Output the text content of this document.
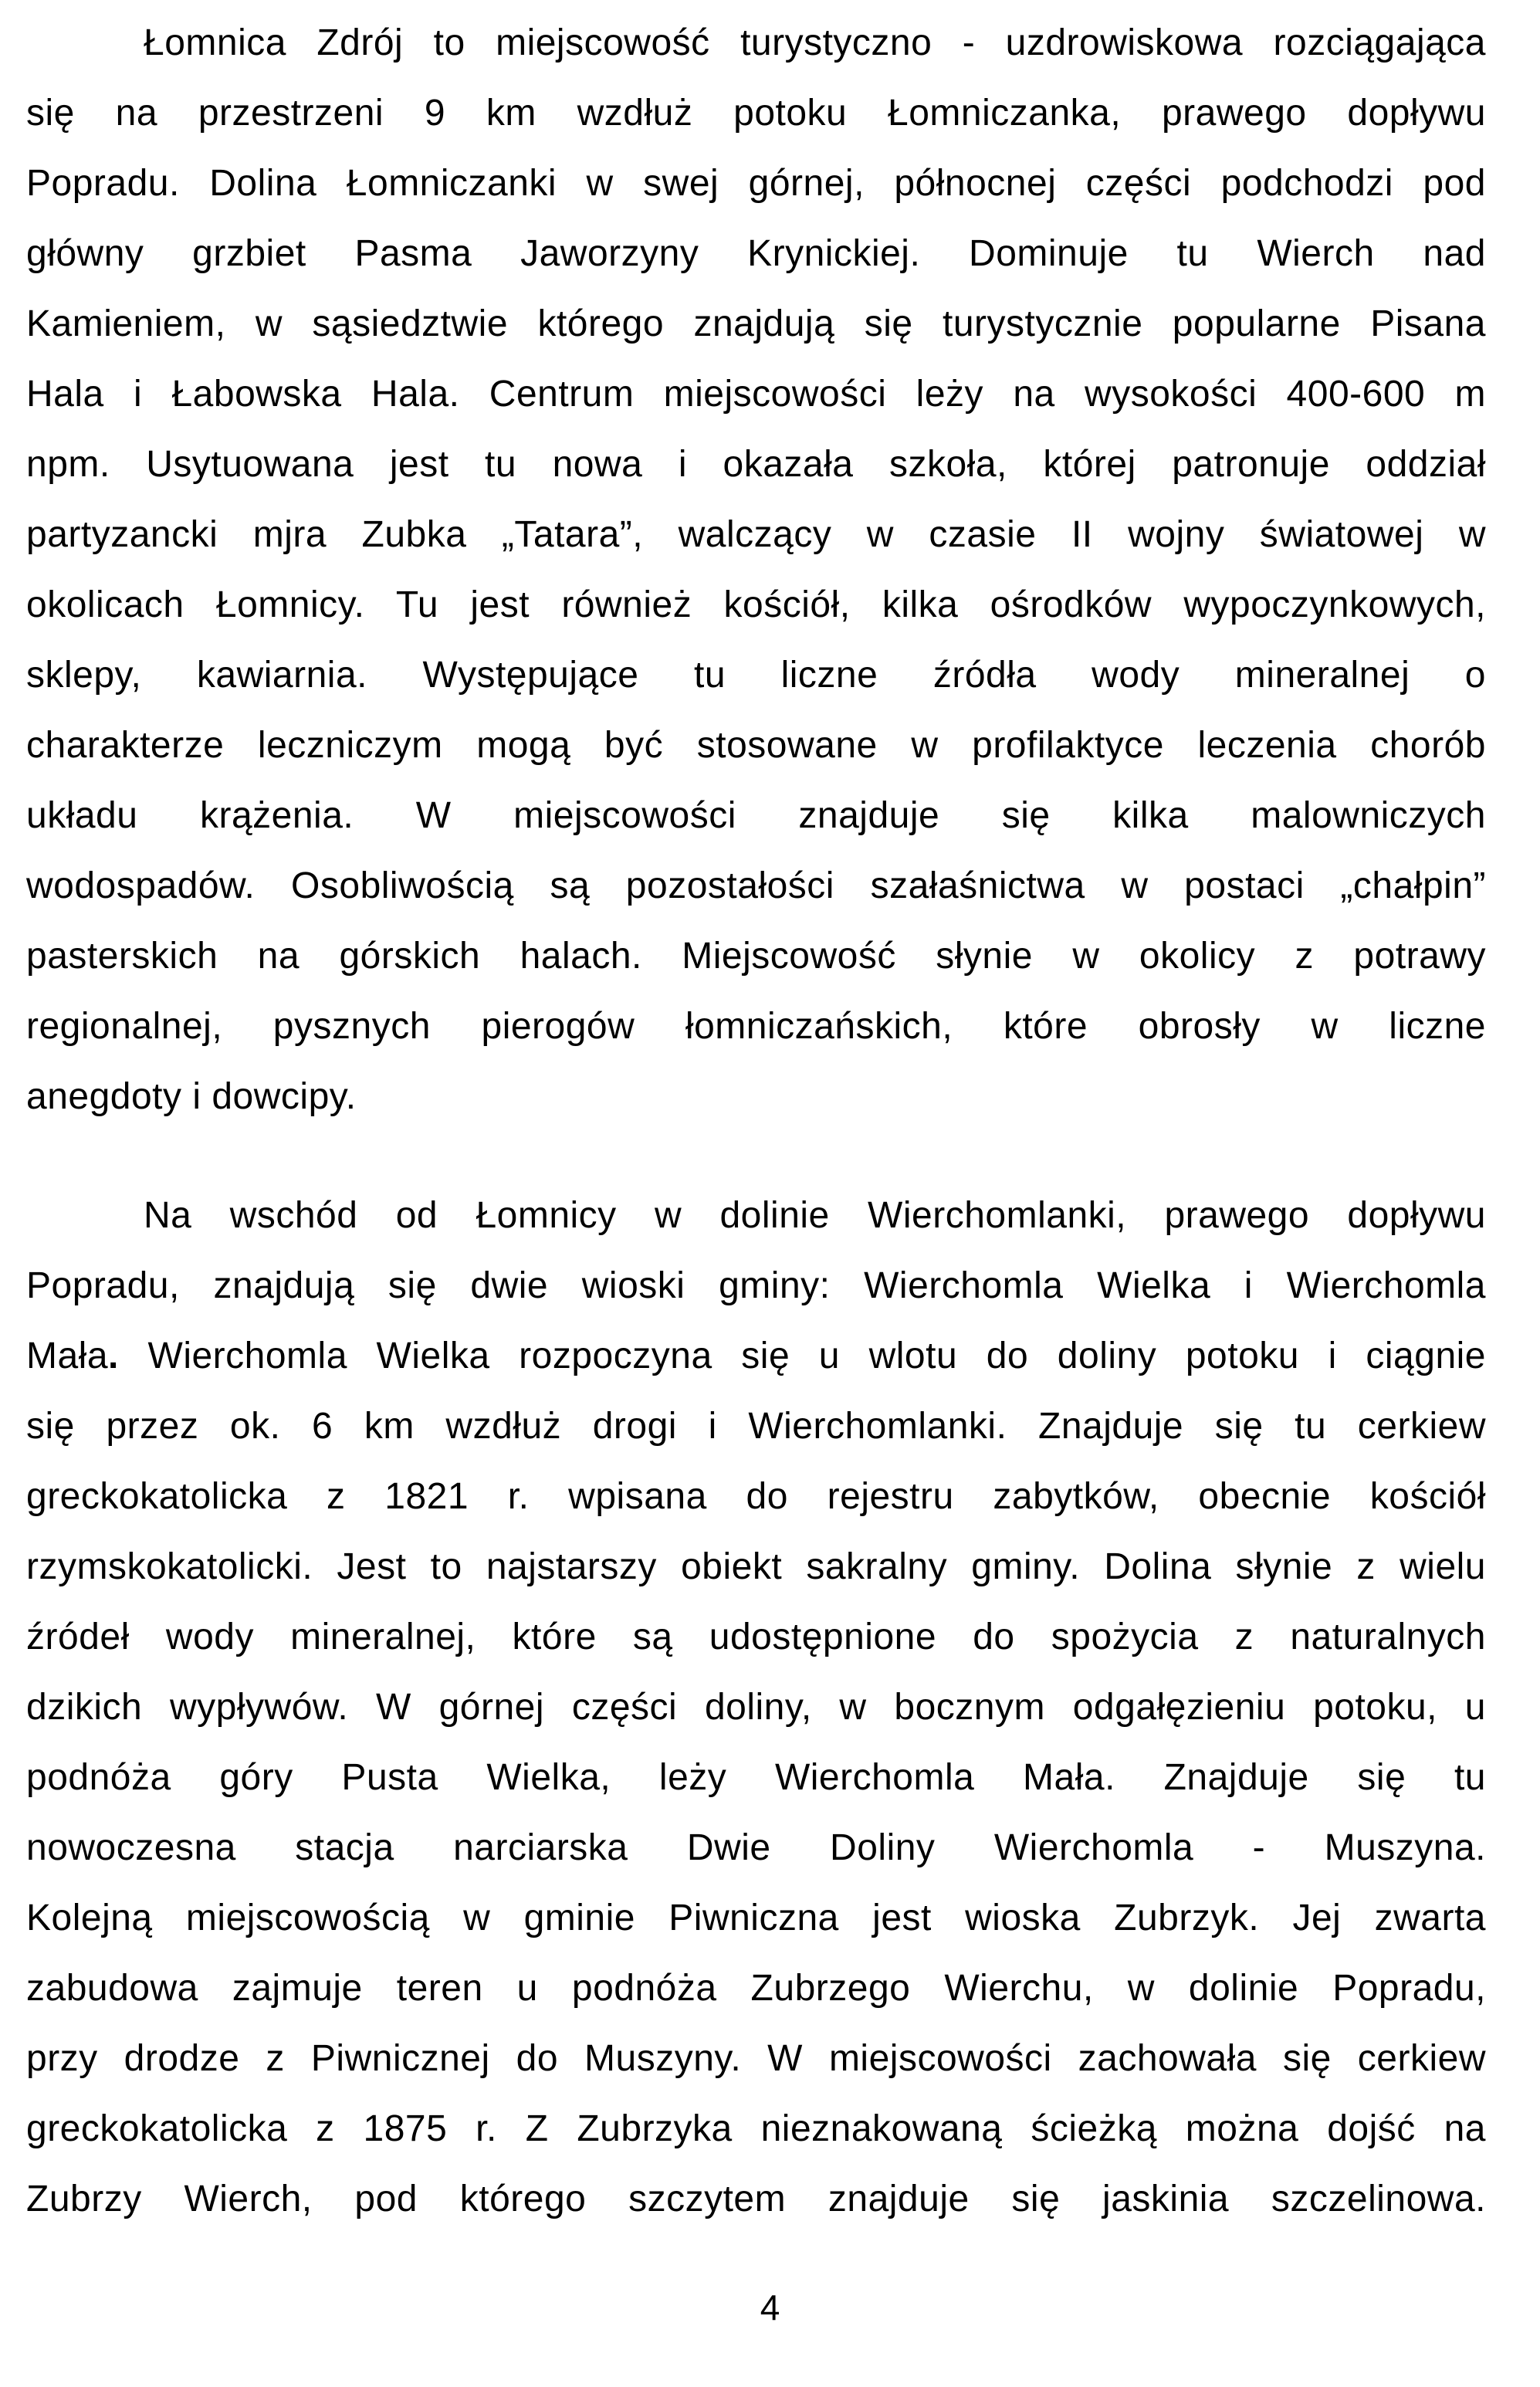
Łomnica Zdrój to miejscowość turystyczno - uzdrowiskowa rozciągająca
się na przestrzeni 9 km wzdłuż potoku Łomniczanka, prawego dopływu
Popradu. Dolina Łomniczanki w swej górnej, północnej części podchodzi pod
główny grzbiet Pasma Jaworzyny Krynickiej. Dominuje tu Wierch nad
Kamieniem, w sąsiedztwie którego znajdują się turystycznie popularne Pisana
Hala i Łabowska Hala. Centrum miejscowości leży na wysokości 400-600 m
npm. Usytuowana jest tu nowa i okazała szkoła, której patronuje oddział
partyzancki mjra Zubka „Tatara”, walczący w czasie II wojny światowej w
okolicach Łomnicy. Tu jest również kościół, kilka ośrodków wypoczynkowych,
sklepy, kawiarnia. Występujące tu liczne źródła wody mineralnej o
charakterze leczniczym mogą być stosowane w profilaktyce leczenia chorób
układu krążenia. W miejscowości znajduje się kilka malowniczych
wodospadów. Osobliwością są pozostałości szałaśnictwa w postaci „chałpin”
pasterskich na górskich halach. Miejscowość słynie w okolicy z potrawy
regionalnej, pysznych pierogów łomniczańskich, które obrosły w liczne
anegdoty i dowcipy.

Na wschód od Łomnicy w dolinie Wierchomlanki, prawego dopływu
Popradu, znajdują się dwie wioski gminy: Wierchomla Wielka i Wierchomla
Mała. Wierchomla Wielka rozpoczyna się u wlotu do doliny potoku i ciągnie
się przez ok. 6 km wzdłuż drogi i Wierchomlanki. Znajduje się tu cerkiew
greckokatolicka z 1821 r. wpisana do rejestru zabytków, obecnie kościół
rzymskokatolicki. Jest to najstarszy obiekt sakralny gminy. Dolina słynie z wielu
źródeł wody mineralnej, które są udostępnione do spożycia z naturalnych
dzikich wypływów. W górnej części doliny, w bocznym odgałęzieniu potoku, u
podnóża góry Pusta Wielka, leży Wierchomla Mała. Znajduje się tu
nowoczesna stacja narciarska Dwie Doliny Wierchomla - Muszyna.
Kolejną miejscowością w gminie Piwniczna jest wioska Zubrzyk. Jej zwarta
zabudowa zajmuje teren u podnóża Zubrzego Wierchu, w dolinie Popradu,
przy drodze z Piwnicznej do Muszyny. W miejscowości zachowała się cerkiew
greckokatolicka z 1875 r. Z Zubrzyka nieznakowaną ścieżką można dojść na
Zubrzy Wierch, pod którego szczytem znajduje się jaskinia szczelinowa.

4
